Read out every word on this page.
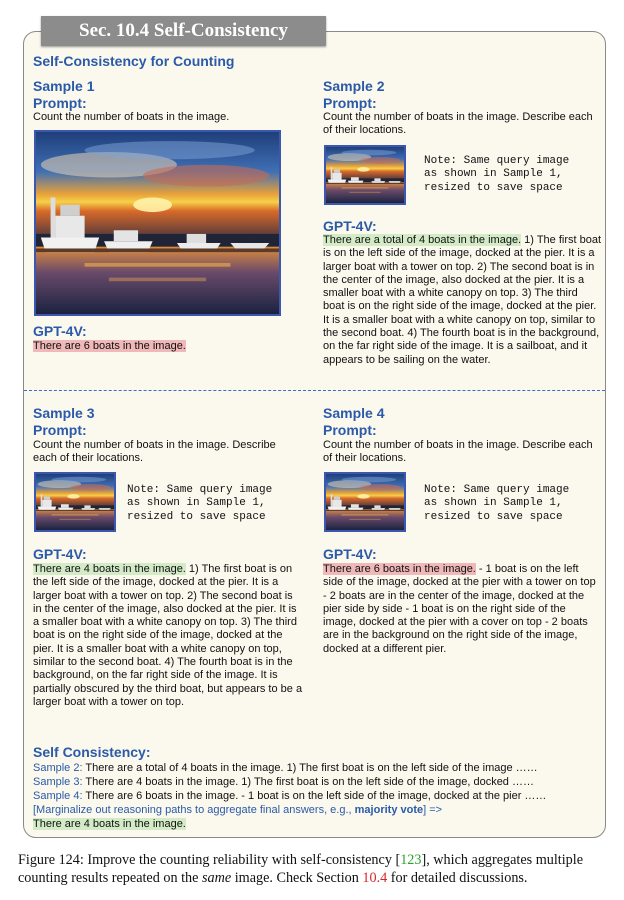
Sec. 10.4 Self-Consistency
Self-Consistency for Counting
Sample 1
Prompt:
Count the number of boats in the image.
GPT-4V:
There are 6 boats in the image.
Sample 2
Prompt:
Count the number of boats in the image. Describe each of their locations.
Note: Same query image
as shown in Sample 1,
resized to save space
GPT-4V:
There are a total of 4 boats in the image. 1) The first boat is on the left side of the image, docked at the pier. It is a larger boat with a tower on top. 2) The second boat is in the center of the image, also docked at the pier. It is a smaller boat with a white canopy on top. 3) The third boat is on the right side of the image, docked at the pier. It is a smaller boat with a white canopy on top, similar to the second boat. 4) The fourth boat is in the background, on the far right side of the image. It is a sailboat, and it appears to be sailing on the water.
Sample 3
Prompt:
Count the number of boats in the image. Describe each of their locations.
Note: Same query image
as shown in Sample 1,
resized to save space
GPT-4V:
There are 4 boats in the image. 1) The first boat is on the left side of the image, docked at the pier. It is a larger boat with a tower on top. 2) The second boat is in the center of the image, also docked at the pier. It is a smaller boat with a white canopy on top. 3) The third boat is on the right side of the image, docked at the pier. It is a smaller boat with a white canopy on top, similar to the second boat. 4) The fourth boat is in the background, on the far right side of the image. It is partially obscured by the third boat, but appears to be a larger boat with a tower on top.
Sample 4
Prompt:
Count the number of boats in the image. Describe each of their locations.
Note: Same query image
as shown in Sample 1,
resized to save space
GPT-4V:
There are 6 boats in the image. - 1 boat is on the left side of the image, docked at the pier with a tower on top - 2 boats are in the center of the image, docked at the pier side by side - 1 boat is on the right side of the image, docked at the pier with a cover on top - 2 boats are in the background on the right side of the image, docked at a different pier.
Self Consistency:
Sample 2: There are a total of 4 boats in the image. 1) The first boat is on the left side of the image ……
Sample 3: There are 4 boats in the image. 1) The first boat is on the left side of the image, docked ……
Sample 4: There are 6 boats in the image. - 1 boat is on the left side of the image, docked at the pier ……
[Marginalize out reasoning paths to aggregate final answers, e.g., majority vote] =>
There are 4 boats in the image.
Figure 124: Improve the counting reliability with self-consistency [123], which aggregates multiple counting results repeated on the same image. Check Section 10.4 for detailed discussions.
